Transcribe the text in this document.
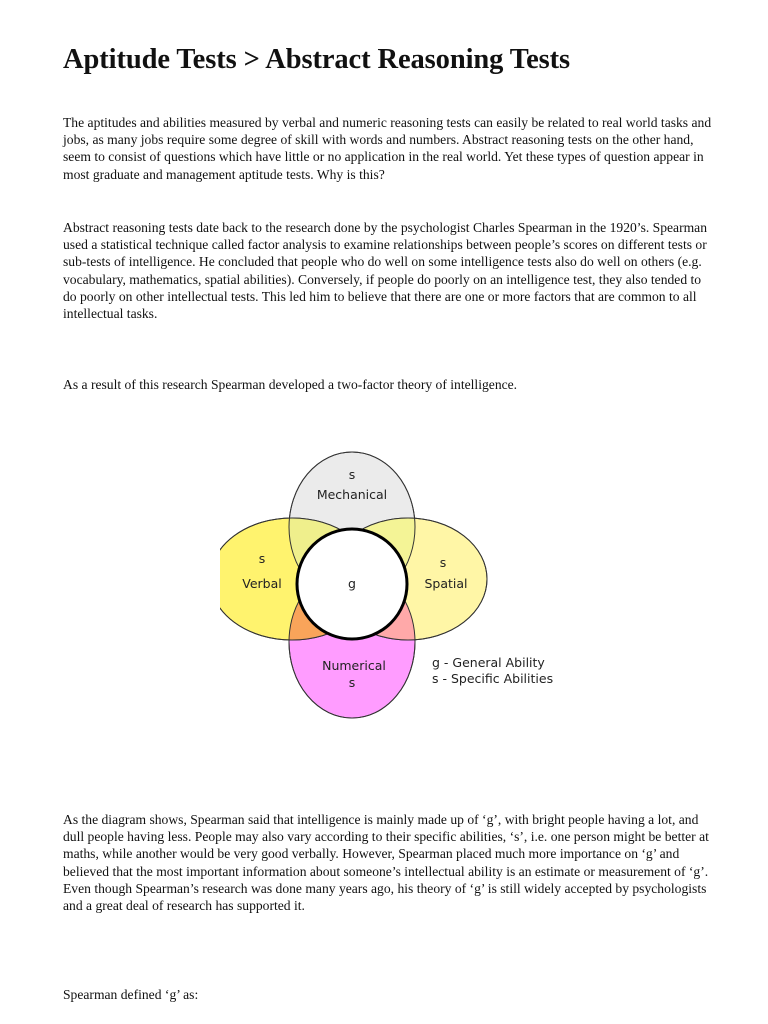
Aptitude Tests > Abstract Reasoning Tests

The aptitudes and abilities measured by verbal and numeric reasoning tests can easily be related to real world tasks and jobs, as many jobs require some degree of skill with words and numbers. Abstract reasoning tests on the other hand, seem to consist of questions which have little or no application in the real world. Yet these types of question appear in most graduate and management aptitude tests. Why is this?

Abstract reasoning tests date back to the research done by the psychologist Charles Spearman in the 1920’s. Spearman used a statistical technique called factor analysis to examine relationships between people’s scores on different tests or sub-tests of intelligence. He concluded that people who do well on some intelligence tests also do well on others (e.g. vocabulary, mathematics, spatial abilities). Conversely, if people do poorly on an intelligence test, they also tended to do poorly on other intellectual tests. This led him to believe that there are one or more factors that are common to all intellectual tasks.

As a result of this research Spearman developed a two-factor theory of intelligence.

s
Mechanical
s
Verbal	g
s
Spatial
Numerical
s
g - General Ability
s - Specific Abilities

As the diagram shows, Spearman said that intelligence is mainly made up of ‘g’, with bright people having a lot, and dull people having less. People may also vary according to their specific abilities, ‘s’, i.e. one person might be better at maths, while another would be very good verbally. However, Spearman placed much more importance on ‘g’ and believed that the most important information about someone’s intellectual ability is an estimate or measurement of ‘g’. Even though Spearman’s research was done many years ago, his theory of ‘g’ is still widely accepted by psychologists and a great deal of research has supported it.

Spearman defined ‘g’ as:
